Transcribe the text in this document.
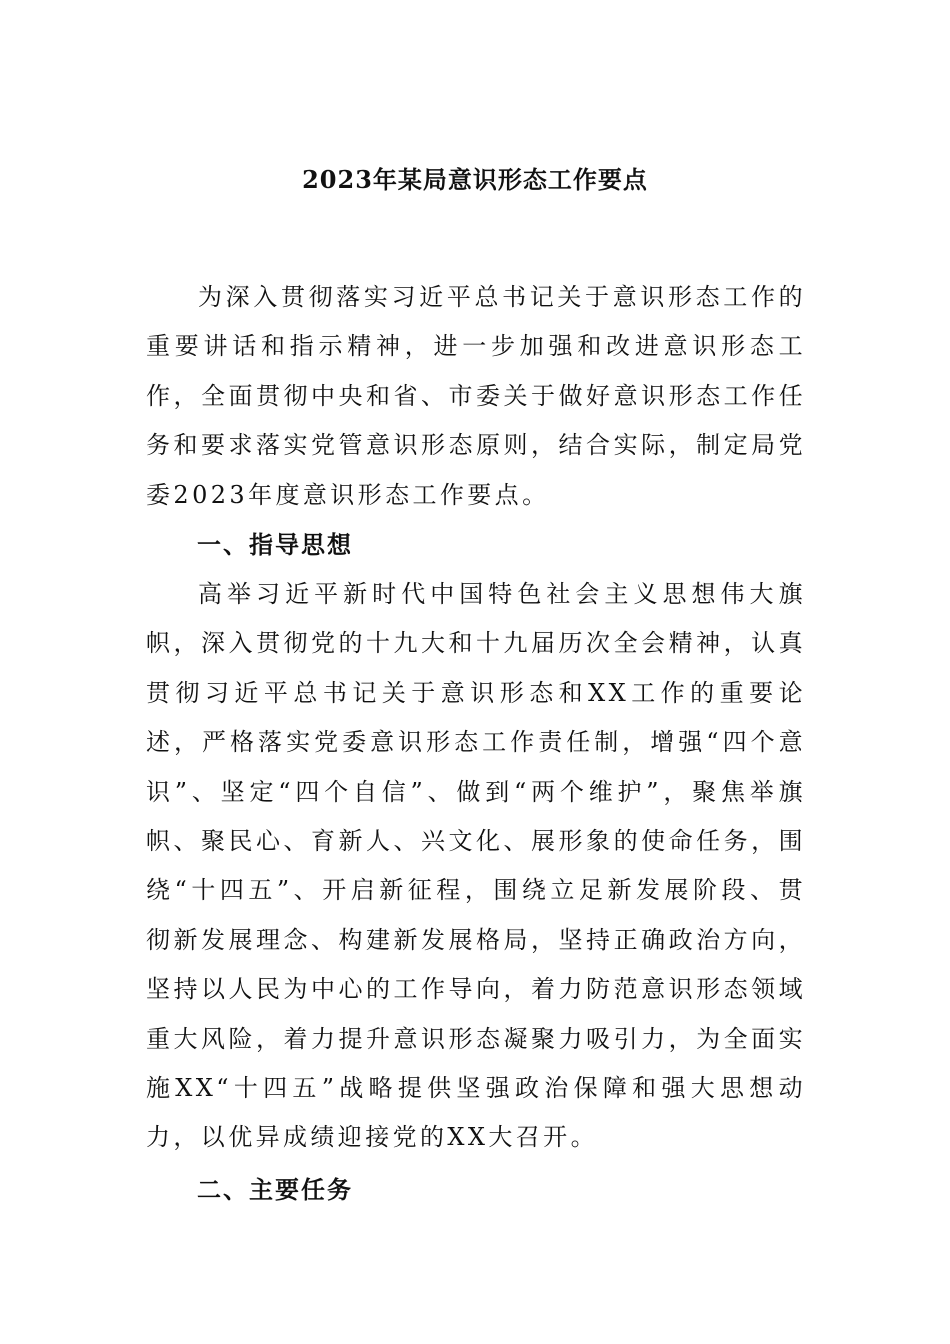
2023年某局意识形态工作要点

为深入贯彻落实习近平总书记关于意识形态工作的重要讲话和指示精神，进一步加强和改进意识形态工作，全面贯彻中央和省、市委关于做好意识形态工作任务和要求落实党管意识形态原则，结合实际，制定局党委2023年度意识形态工作要点。

一、指导思想

高举习近平新时代中国特色社会主义思想伟大旗帜，深入贯彻党的十九大和十九届历次全会精神，认真贯彻习近平总书记关于意识形态和XX工作的重要论述，严格落实党委意识形态工作责任制，增强“四个意识”、坚定“四个自信”、做到“两个维护”，聚焦举旗帜、聚民心、育新人、兴文化、展形象的使命任务，围绕“十四五”、开启新征程，围绕立足新发展阶段、贯彻新发展理念、构建新发展格局，坚持正确政治方向，坚持以人民为中心的工作导向，着力防范意识形态领域重大风险，着力提升意识形态凝聚力吸引力，为全面实施XX“十四五”战略提供坚强政治保障和强大思想动力，以优异成绩迎接党的XX大召开。

二、主要任务
